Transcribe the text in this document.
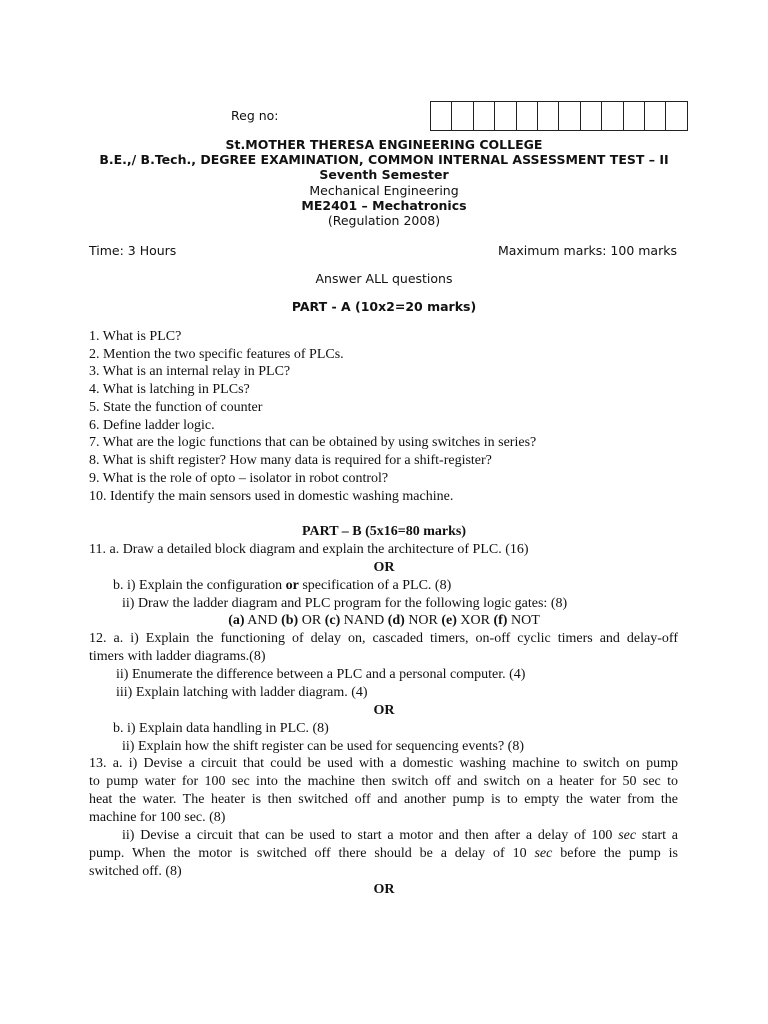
Reg no:
St.MOTHER THERESA ENGINEERING COLLEGE
B.E.,/ B.Tech., DEGREE EXAMINATION, COMMON INTERNAL ASSESSMENT TEST – II
Seventh Semester
Mechanical Engineering
ME2401 – Mechatronics
(Regulation 2008)
Time: 3 Hours	Maximum marks: 100 marks
Answer ALL questions
PART - A (10x2=20 marks)
1. What is PLC?
2. Mention the two specific features of PLCs.
3. What is an internal relay in PLC?
4. What is latching in PLCs?
5. State the function of counter
6. Define ladder logic.
7. What are the logic functions that can be obtained by using switches in series?
8. What is shift register? How many data is required for a shift-register?
9. What is the role of opto – isolator in robot control?
10. Identify the main sensors used in domestic washing machine.
PART – B (5x16=80 marks)
11. a. Draw a detailed block diagram and explain the architecture of PLC. (16)
OR
b. i) Explain the configuration or specification of a PLC. (8)
ii) Draw the ladder diagram and PLC program for the following logic gates: (8)
(a) AND (b) OR (c) NAND (d) NOR (e) XOR (f) NOT
12. a. i) Explain the functioning of delay on, cascaded timers, on-off cyclic timers and delay-off
timers with ladder diagrams.(8)
ii) Enumerate the difference between a PLC and a personal computer. (4)
iii) Explain latching with ladder diagram. (4)
OR
b. i) Explain data handling in PLC. (8)
ii) Explain how the shift register can be used for sequencing events? (8)
13. a. i) Devise a circuit that could be used with a domestic washing machine to switch on pump
to pump water for 100 sec into the machine then switch off and switch on a heater for 50 sec to
heat the water. The heater is then switched off and another pump is to empty the water from the
machine for 100 sec. (8)
ii) Devise a circuit that can be used to start a motor and then after a delay of 100 sec start a
pump. When the motor is switched off there should be a delay of 10 sec before the pump is
switched off. (8)
OR
